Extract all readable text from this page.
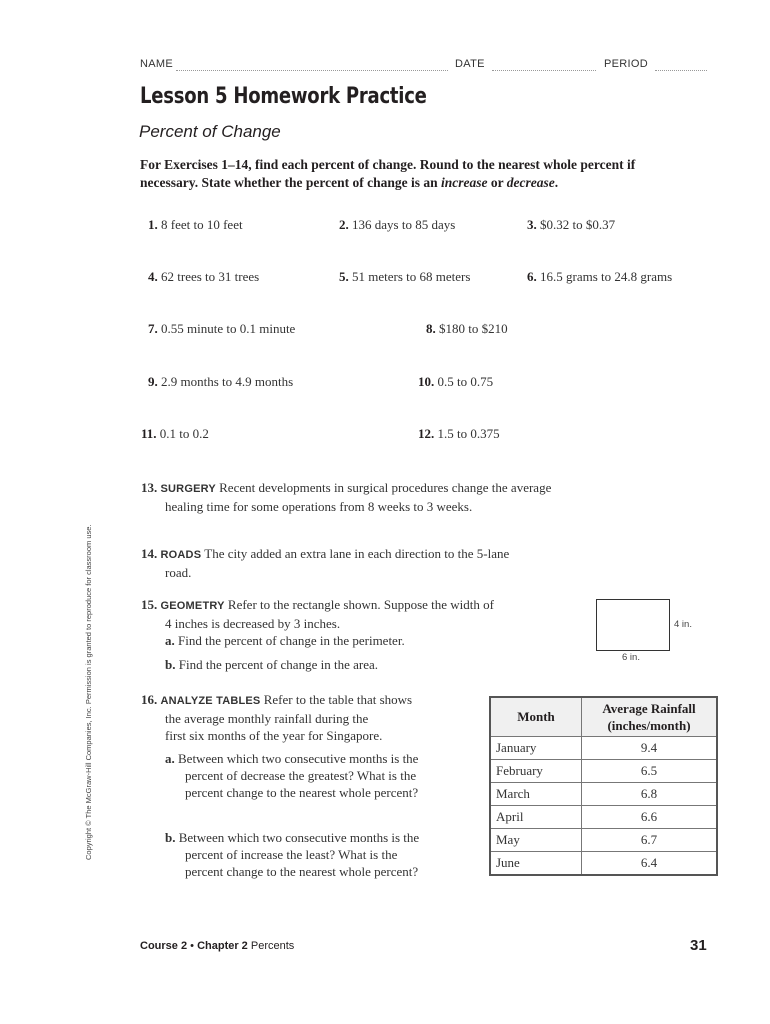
NAME	DATE	PERIOD
Lesson 5 Homework Practice
Percent of Change
For Exercises 1–14, find each percent of change. Round to the nearest whole percent if necessary. State whether the percent of change is an increase or decrease.
1. 8 feet to 10 feet	2. 136 days to 85 days	3. $0.32 to $0.37
4. 62 trees to 31 trees	5. 51 meters to 68 meters	6. 16.5 grams to 24.8 grams
7. 0.55 minute to 0.1 minute	8. $180 to $210
9. 2.9 months to 4.9 months	10. 0.5 to 0.75
11. 0.1 to 0.2	12. 1.5 to 0.375
13. SURGERY Recent developments in surgical procedures change the average
healing time for some operations from 8 weeks to 3 weeks.
14. ROADS The city added an extra lane in each direction to the 5-lane
road.
15. GEOMETRY Refer to the rectangle shown. Suppose the width of
4 inches is decreased by 3 inches.
a. Find the percent of change in the perimeter.
b. Find the percent of change in the area.
4 in.
6 in.
16. ANALYZE TABLES Refer to the table that shows
the average monthly rainfall during the
first six months of the year for Singapore.
a. Between which two consecutive months is the
percent of decrease the greatest? What is the
percent change to the nearest whole percent?
b. Between which two consecutive months is the
percent of increase the least? What is the
percent change to the nearest whole percent?
Month	Average Rainfall
(inches/month)
January	9.4
February	6.5
March	6.8
April	6.6
May	6.7
June	6.4
Copyright © The McGraw-Hill Companies, Inc. Permission is granted to reproduce for classroom use.
Course 2 • Chapter 2 Percents	31
